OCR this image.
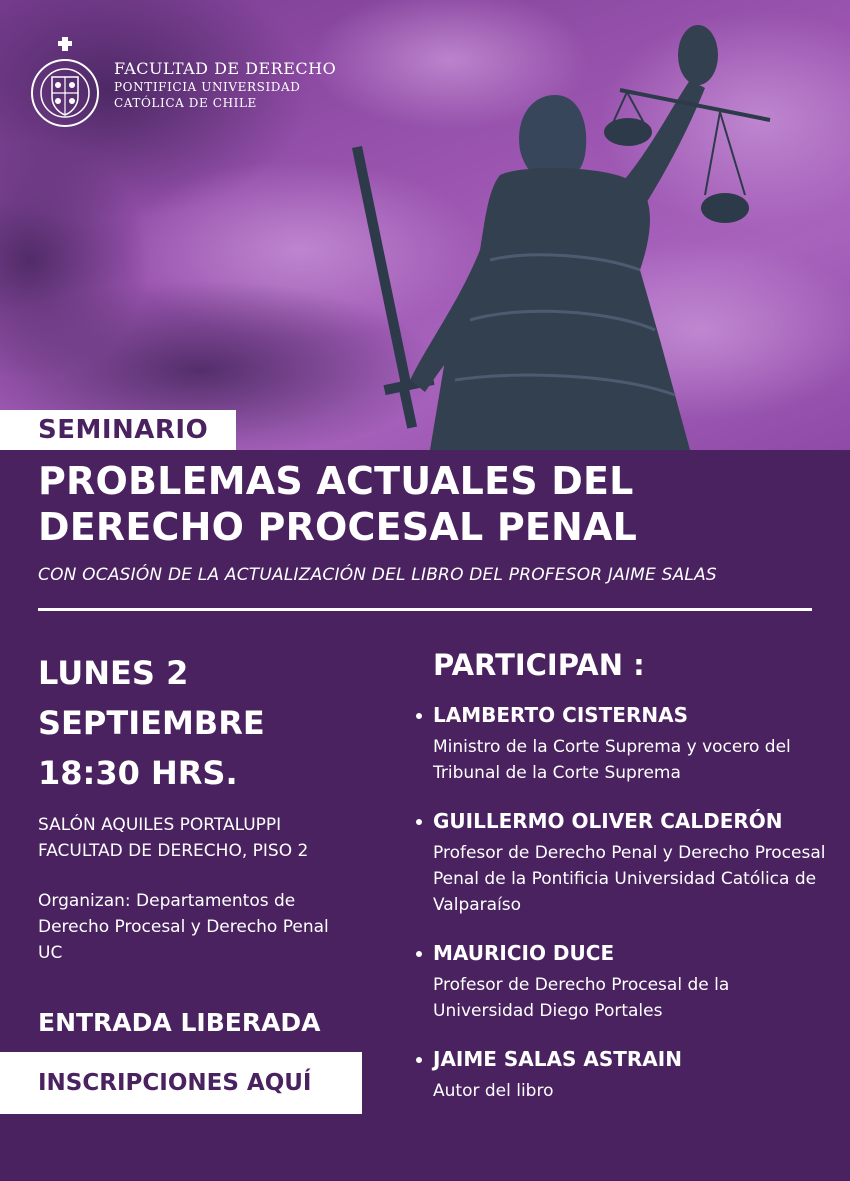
FACULTAD DE DERECHO
PONTIFICIA UNIVERSIDAD
CATÓLICA DE CHILE
SEMINARIO
PROBLEMAS ACTUALES DEL
DERECHO PROCESAL PENAL
CON OCASIÓN DE LA ACTUALIZACIÓN DEL LIBRO DEL PROFESOR JAIME SALAS
LUNES 2
SEPTIEMBRE
18:30 HRS.
SALÓN AQUILES PORTALUPPI
FACULTAD DE DERECHO, PISO 2
Organizan: Departamentos de Derecho Procesal y Derecho Penal UC
ENTRADA LIBERADA
INSCRIPCIONES AQUÍ
PARTICIPAN :
LAMBERTO CISTERNAS
Ministro de la Corte Suprema y vocero del Tribunal de la Corte Suprema
GUILLERMO OLIVER CALDERÓN
Profesor de Derecho Penal y Derecho Procesal Penal de la Pontificia Universidad Católica de Valparaíso
MAURICIO DUCE
Profesor de Derecho Procesal de la Universidad Diego Portales
JAIME SALAS ASTRAIN
Autor del libro
